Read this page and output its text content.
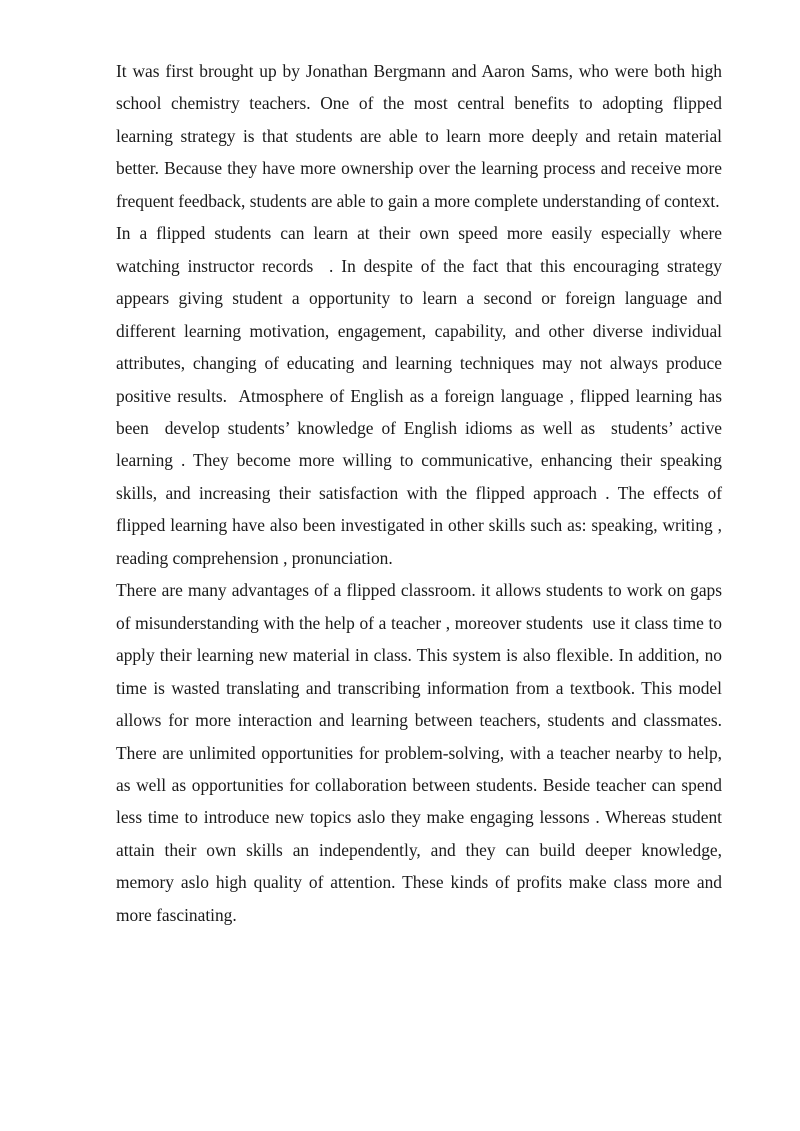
It was first brought up by Jonathan Bergmann and Aaron Sams, who were both high school chemistry teachers. One of the most central benefits to adopting flipped learning strategy is that students are able to learn more deeply and retain material better. Because they have more ownership over the learning process and receive more frequent feedback, students are able to gain a more complete understanding of context.

In a flipped students can learn at their own speed more easily especially where watching instructor records  . In despite of the fact that this encouraging strategy appears giving student a opportunity to learn a second or foreign language and different learning motivation, engagement, capability, and other diverse individual attributes, changing of educating and learning techniques may not always produce positive results.  Atmosphere of English as a foreign language , flipped learning has been  develop students’ knowledge of English idioms as well as  students’ active learning . They become more willing to communicative, enhancing their speaking skills, and increasing their satisfaction with the flipped approach . The effects of flipped learning have also been investigated in other skills such as: speaking, writing , reading comprehension , pronunciation.

There are many advantages of a flipped classroom. it allows students to work on gaps of misunderstanding with the help of a teacher , moreover students  use it class time to apply their learning new material in class. This system is also flexible. In addition, no time is wasted translating and transcribing information from a textbook. This model allows for more interaction and learning between teachers, students and classmates. There are unlimited opportunities for problem-solving, with a teacher nearby to help, as well as opportunities for collaboration between students. Beside teacher can spend less time to introduce new topics aslo they make engaging lessons . Whereas student attain their own skills an independently, and they can build deeper knowledge, memory aslo high quality of attention. These kinds of profits make class more and more fascinating.
